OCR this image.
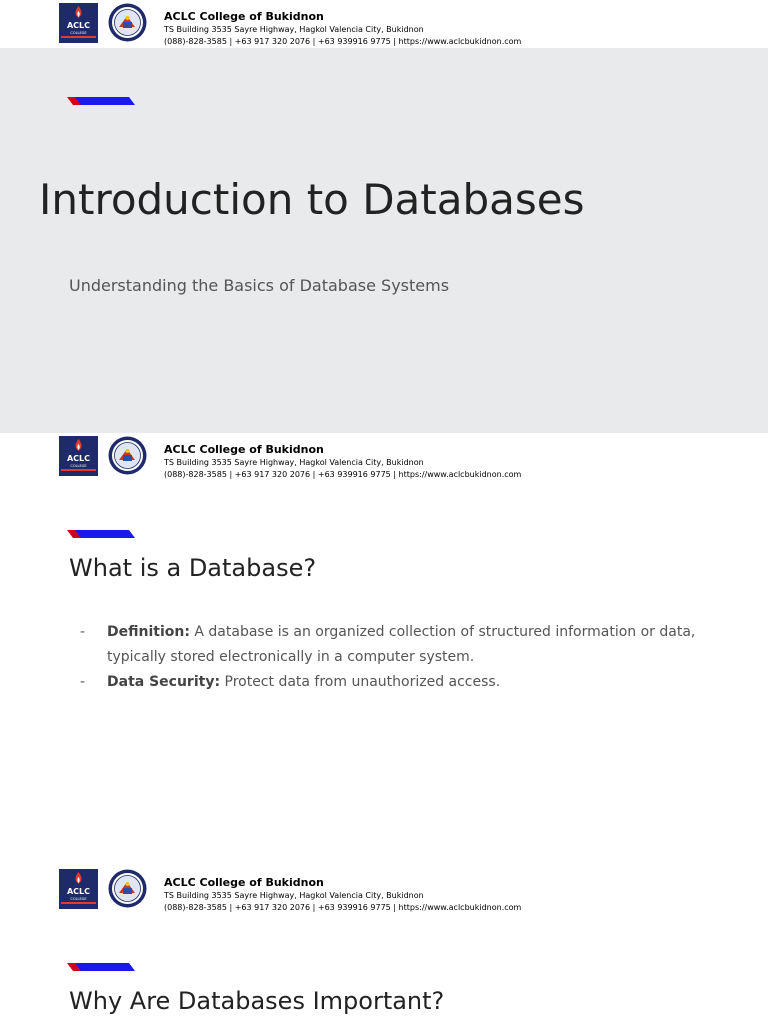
ACLC
COLLEGE
BUKIDNON
ACLC College of Bukidnon
TS Building 3535 Sayre Highway, Hagkol Valencia City, Bukidnon
(088)-828-3585 | +63 917 320 2076 | +63 939916 9775 | https://www.aclcbukidnon.com
Introduction to Databases
Understanding the Basics of Database Systems
ACLC
COLLEGE
BUKIDNON
ACLC College of Bukidnon
TS Building 3535 Sayre Highway, Hagkol Valencia City, Bukidnon
(088)-828-3585 | +63 917 320 2076 | +63 939916 9775 | https://www.aclcbukidnon.com
What is a Database?
- Definition: A database is an organized collection of structured information or data, typically stored electronically in a computer system.
- Data Security: Protect data from unauthorized access.
ACLC
COLLEGE
BUKIDNON
ACLC College of Bukidnon
TS Building 3535 Sayre Highway, Hagkol Valencia City, Bukidnon
(088)-828-3585 | +63 917 320 2076 | +63 939916 9775 | https://www.aclcbukidnon.com
Why Are Databases Important?
